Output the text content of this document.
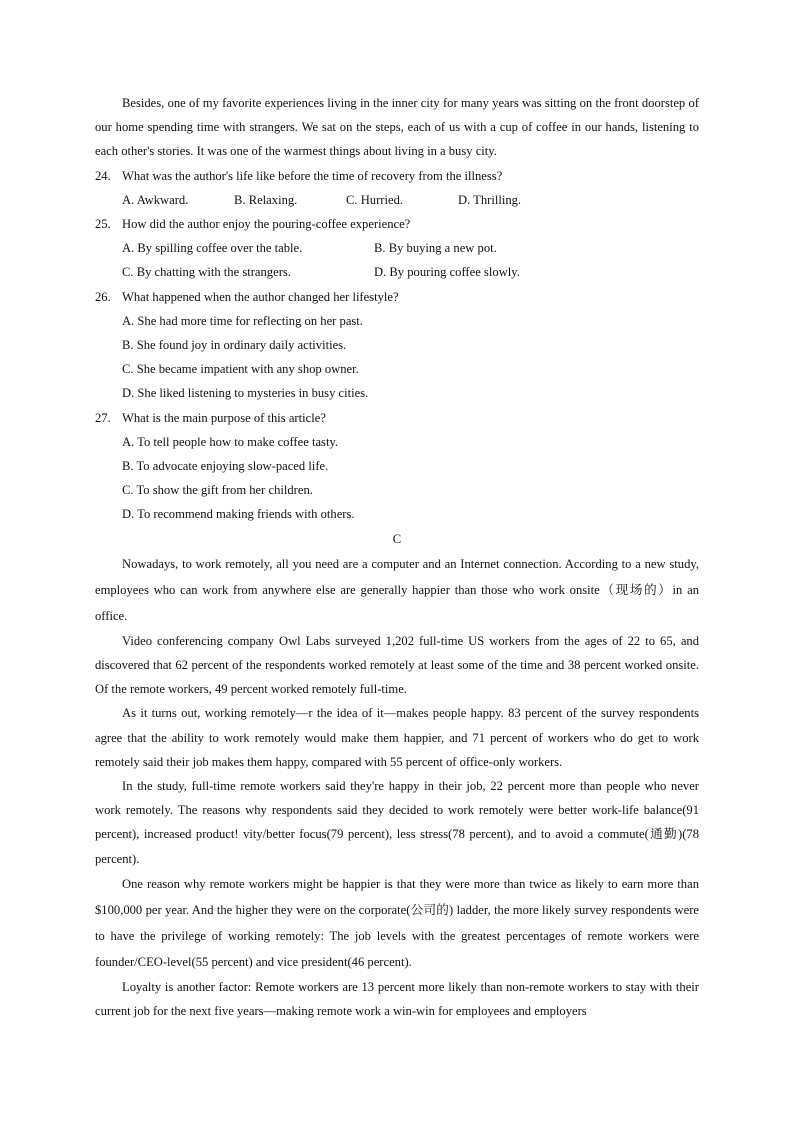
Besides, one of my favorite experiences living in the inner city for many years was sitting on the front doorstep of our home spending time with strangers. We sat on the steps, each of us with a cup of coffee in our hands, listening to each other's stories. It was one of the warmest things about living in a busy city.

24. What was the author's life like before the time of recovery from the illness?
A. Awkward.	B. Relaxing.	C. Hurried.	D. Thrilling.
25. How did the author enjoy the pouring-coffee experience?
A. By spilling coffee over the table.	B. By buying a new pot.
C. By chatting with the strangers.	D. By pouring coffee slowly.
26. What happened when the author changed her lifestyle?

A. She had more time for reflecting on her past.

B. She found joy in ordinary daily activities.

C. She became impatient with any shop owner.

D. She liked listening to mysteries in busy cities.

27. What is the main purpose of this article?

A. To tell people how to make coffee tasty.

B. To advocate enjoying slow-paced life.

C. To show the gift from her children.

D. To recommend making friends with others.

C

Nowadays, to work remotely, all you need are a computer and an Internet connection. According to a new study, employees who can work from anywhere else are generally happier than those who work onsite（现场的）in an office.

Video conferencing company Owl Labs surveyed 1,202 full-time US workers from the ages of 22 to 65, and discovered that 62 percent of the respondents worked remotely at least some of the time and 38 percent worked onsite. Of the remote workers, 49 percent worked remotely full-time.

As it turns out, working remotely—r the idea of it—makes people happy. 83 percent of the survey respondents agree that the ability to work remotely would make them happier, and 71 percent of workers who do get to work remotely said their job makes them happy, compared with 55 percent of office-only workers.

In the study, full-time remote workers said they're happy in their job, 22 percent more than people who never work remotely. The reasons why respondents said they decided to work remotely were better work-life balance(91 percent), increased product! vity/better focus(79 percent), less stress(78 percent), and to avoid a commute(通勤)(78 percent).

One reason why remote workers might be happier is that they were more than twice as likely to earn more than $100,000 per year. And the higher they were on the corporate(公司的) ladder, the more likely survey respondents were to have the privilege of working remotely: The job levels with the greatest percentages of remote workers were founder/CEO-level(55 percent) and vice president(46 percent).

Loyalty is another factor: Remote workers are 13 percent more likely than non-remote workers to stay with their current job for the next five years—making remote work a win-win for employees and employers
